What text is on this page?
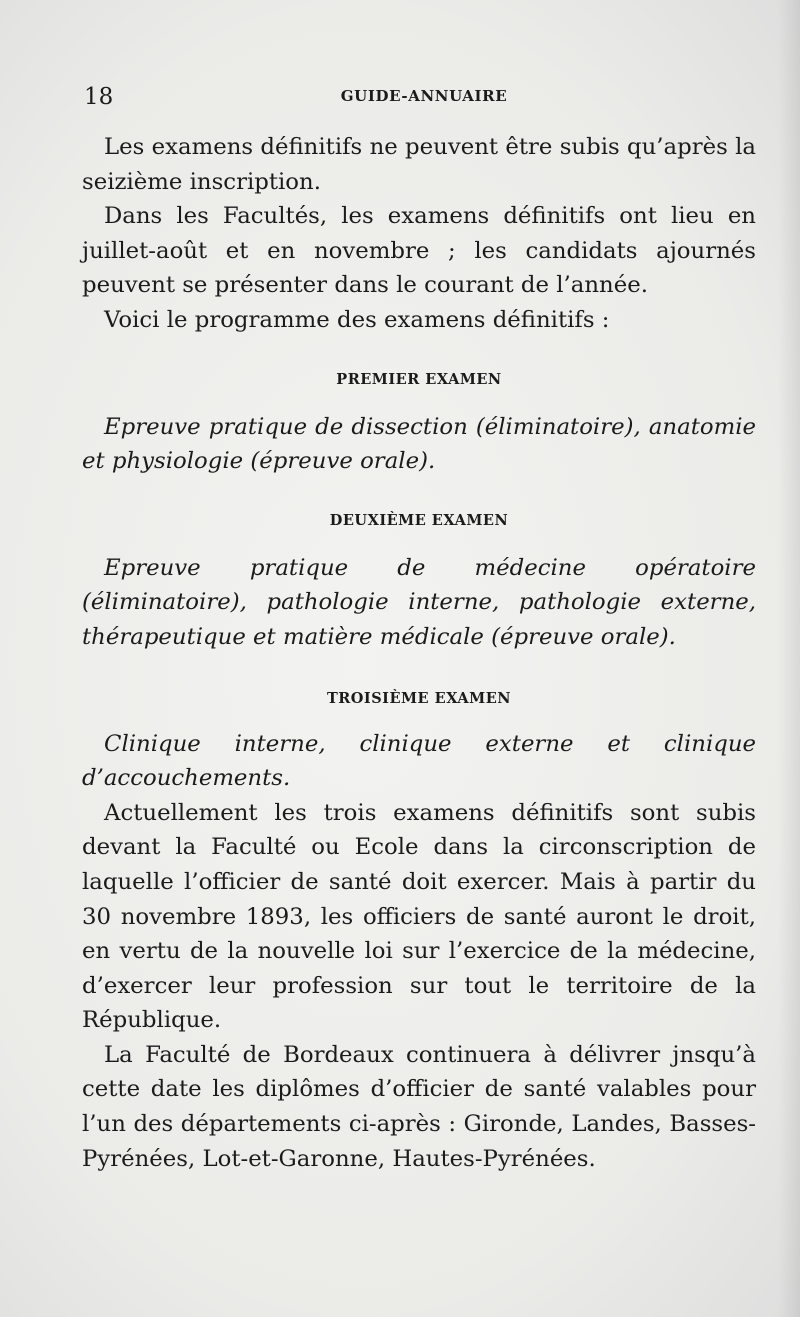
18	GUIDE-ANNUAIRE

Les examens définitifs ne peuvent être subis qu’après la seizième inscription.

Dans les Facultés, les examens définitifs ont lieu en juillet-août et en novembre ; les candidats ajournés peuvent se présenter dans le courant de l’année.

Voici le programme des examens définitifs :

PREMIER EXAMEN

Epreuve pratique de dissection (éliminatoire), anatomie et physiologie (épreuve orale).

DEUXIÈME EXAMEN

Epreuve pratique de médecine opératoire (éliminatoire), pathologie interne, pathologie externe, thérapeutique et matière médicale (épreuve orale).

TROISIÈME EXAMEN

Clinique interne, clinique externe et clinique d’accouchements.

Actuellement les trois examens définitifs sont subis devant la Faculté ou Ecole dans la circonscription de laquelle l’officier de santé doit exercer. Mais à partir du 30 novembre 1893, les officiers de santé auront le droit, en vertu de la nouvelle loi sur l’exercice de la médecine, d’exercer leur profession sur tout le territoire de la République.

La Faculté de Bordeaux continuera à délivrer jnsqu’à cette date les diplômes d’officier de santé valables pour l’un des départements ci-après : Gironde, Landes, Basses-Pyrénées, Lot-et-Garonne, Hautes-Pyrénées.
